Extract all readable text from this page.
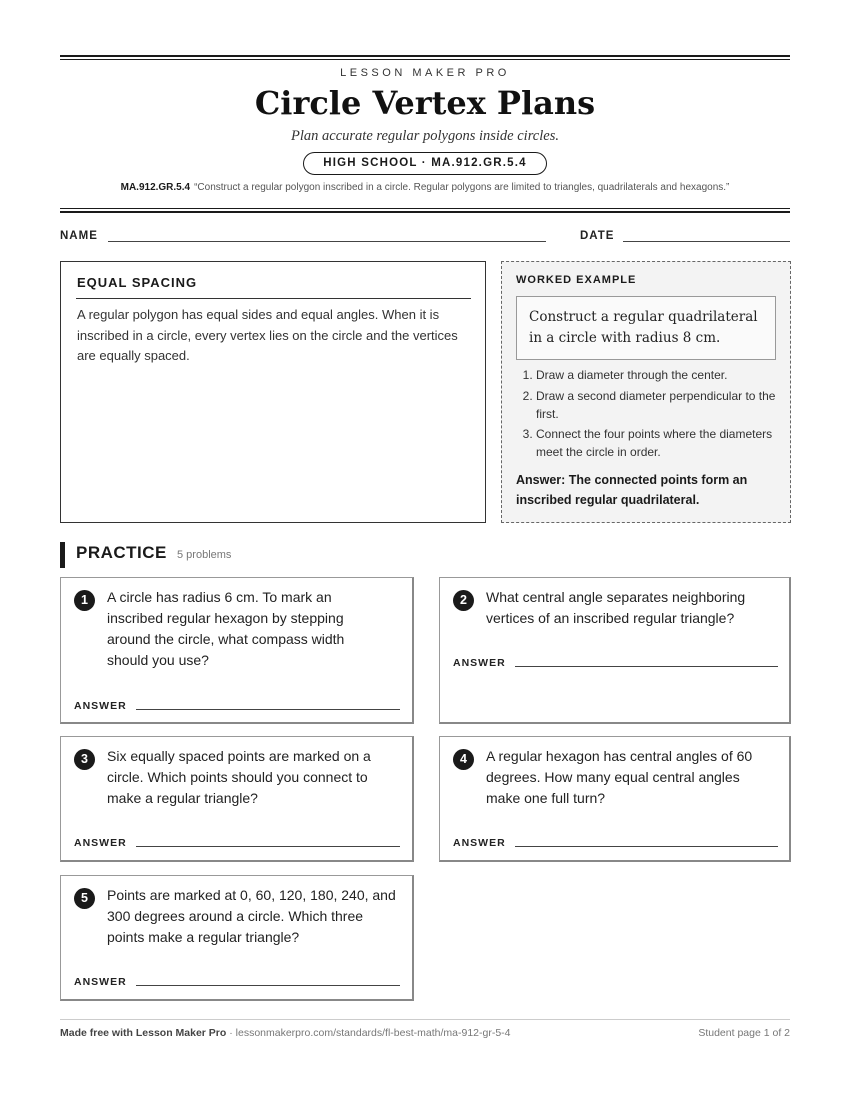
LESSON MAKER PRO
Circle Vertex Plans
Plan accurate regular polygons inside circles.
HIGH SCHOOL · MA.912.GR.5.4
MA.912.GR.5.4 “Construct a regular polygon inscribed in a circle. Regular polygons are limited to triangles, quadrilaterals and hexagons.”
NAME	DATE
EQUAL SPACING
A regular polygon has equal sides and equal angles. When it is inscribed in a circle, every vertex lies on the circle and the vertices are equally spaced.
WORKED EXAMPLE
Construct a regular quadrilateral in a circle with radius 8 cm.
1. Draw a diameter through the center.
2. Draw a second diameter perpendicular to the first.
3. Connect the four points where the diameters meet the circle in order.
Answer: The connected points form an inscribed regular quadrilateral.
PRACTICE 5 problems
1	A circle has radius 6 cm. To mark an inscribed regular hexagon by stepping around the circle, what compass width should you use?
ANSWER
2	What central angle separates neighboring vertices of an inscribed regular triangle?
ANSWER
3	Six equally spaced points are marked on a circle. Which points should you connect to make a regular triangle?
ANSWER
4	A regular hexagon has central angles of 60 degrees. How many equal central angles make one full turn?
ANSWER
5	Points are marked at 0, 60, 120, 180, 240, and 300 degrees around a circle. Which three points make a regular triangle?
ANSWER
Made free with Lesson Maker Pro · lessonmakerpro.com/standards/fl-best-math/ma-912-gr-5-4	Student page 1 of 2
